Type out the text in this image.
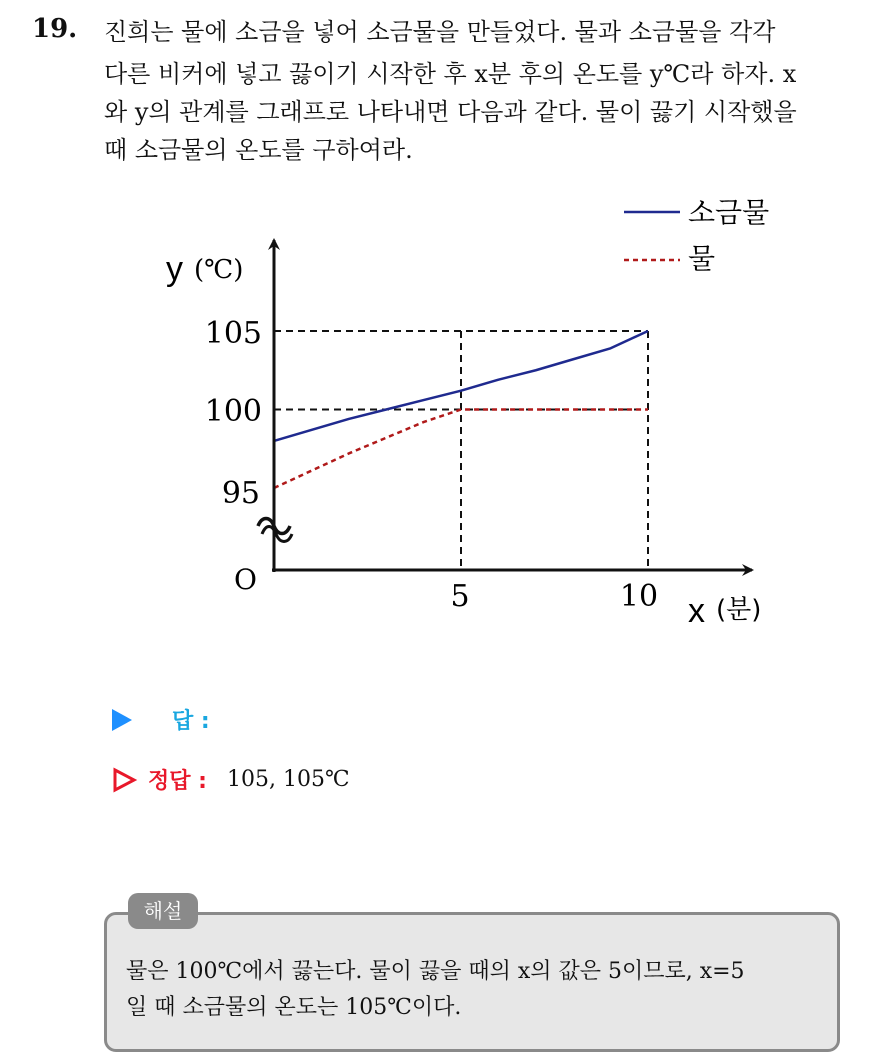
19. 진희는 물에 소금을 넣어 소금물을 만들었다. 물과 소금물을 각각
다른 비커에 넣고 끓이기 시작한 후 x분 후의 온도를 y℃라 하자. x
와 y의 관계를 그래프로 나타내면 다음과 같다. 물이 끓기 시작했을
때 소금물의 온도를 구하여라.
y (℃)
x (분)
O
95
100
105
5	10
소금물
물
답 :
정답 : 105, 105℃
해설
물은 100℃에서 끓는다. 물이 끓을 때의 x의 값은 5이므로, x=5
일 때 소금물의 온도는 105℃이다.
